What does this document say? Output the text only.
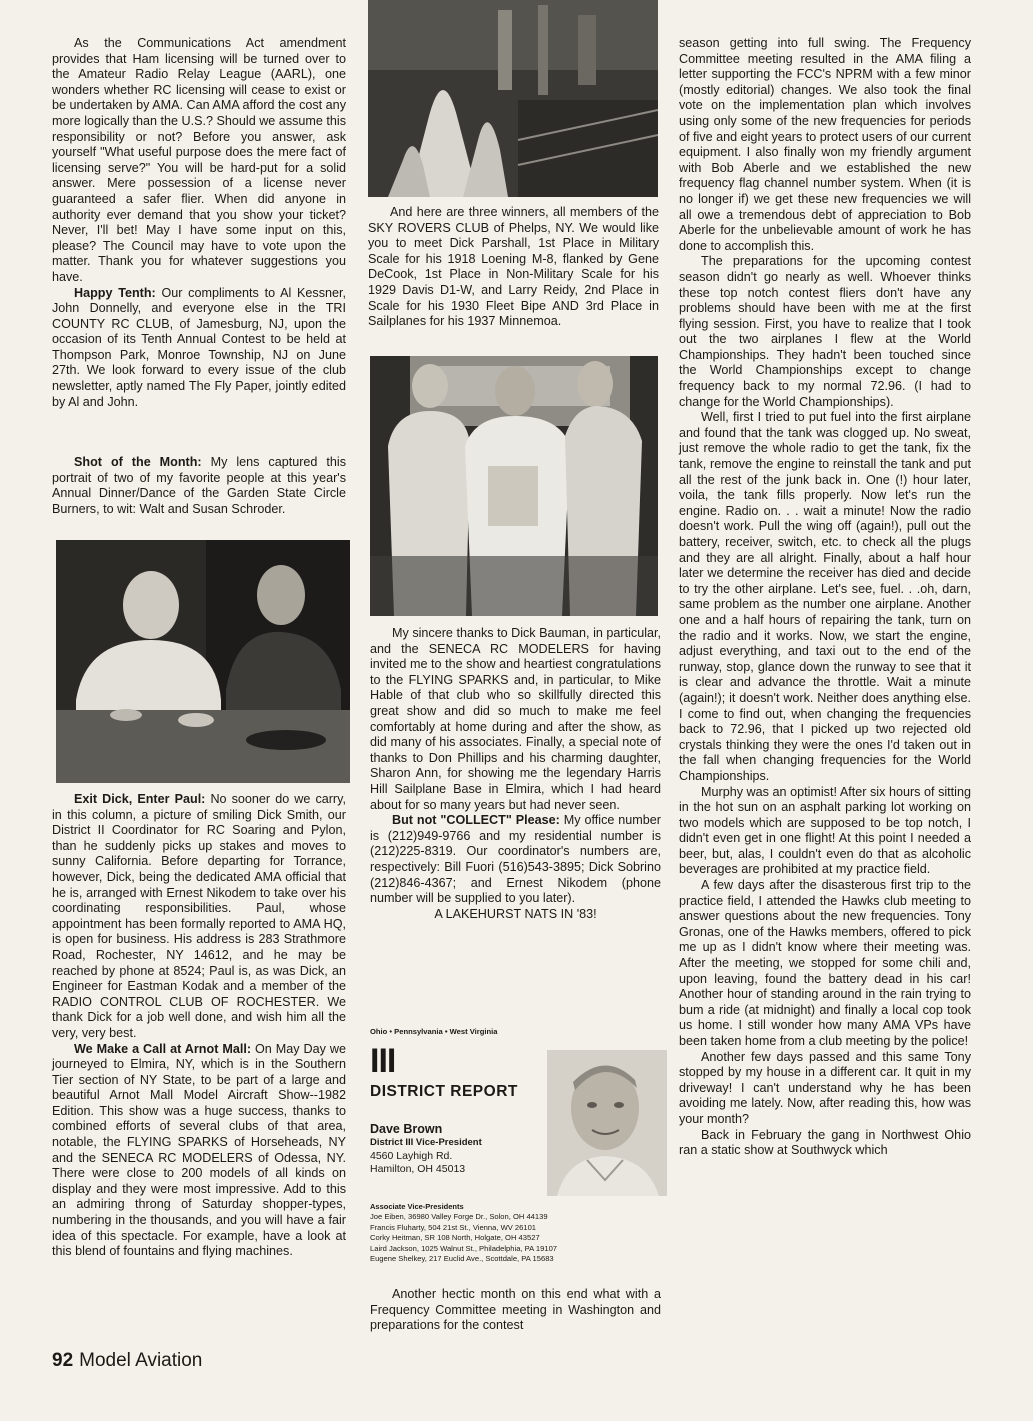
As the Communications Act amendment provides that Ham licensing will be turned over to the Amateur Radio Relay League (AARL), one wonders whether RC licensing will cease to exist or be undertaken by AMA. Can AMA afford the cost any more logically than the U.S.? Should we assume this responsibility or not? Before you answer, ask yourself "What useful purpose does the mere fact of licensing serve?" You will be hard-put for a solid answer. Mere possession of a license never guaranteed a safer flier. When did anyone in authority ever demand that you show your ticket? Never, I'll bet! May I have some input on this, please? The Council may have to vote upon the matter. Thank you for whatever suggestions you have.

Happy Tenth: Our compliments to Al Kessner, John Donnelly, and everyone else in the TRI COUNTY RC CLUB, of Jamesburg, NJ, upon the occasion of its Tenth Annual Contest to be held at Thompson Park, Monroe Township, NJ on June 27th. We look forward to every issue of the club newsletter, aptly named The Fly Paper, jointly edited by Al and John.

Shot of the Month: My lens captured this portrait of two of my favorite people at this year's Annual Dinner/Dance of the Garden State Circle Burners, to wit: Walt and Susan Schroder.

Exit Dick, Enter Paul: No sooner do we carry, in this column, a picture of smiling Dick Smith, our District II Coordinator for RC Soaring and Pylon, than he suddenly picks up stakes and moves to sunny California. Before departing for Torrance, however, Dick, being the dedicated AMA official that he is, arranged with Ernest Nikodem to take over his coordinating responsibilities. Paul, whose appointment has been formally reported to AMA HQ, is open for business. His address is 283 Strathmore Road, Rochester, NY 14612, and he may be reached by phone at 8524; Paul is, as was Dick, an Engineer for Eastman Kodak and a member of the RADIO CONTROL CLUB OF ROCHESTER. We thank Dick for a job well done, and wish him all the very, very best.

We Make a Call at Arnot Mall: On May Day we journeyed to Elmira, NY, which is in the Southern Tier section of NY State, to be part of a large and beautiful Arnot Mall Model Aircraft Show--1982 Edition. This show was a huge success, thanks to combined efforts of several clubs of that area, notable, the FLYING SPARKS of Horseheads, NY and the SENECA RC MODELERS of Odessa, NY. There were close to 200 models of all kinds on display and they were most impressive. Add to this an admiring throng of Saturday shopper-types, numbering in the thousands, and you will have a fair idea of this spectacle. For example, have a look at this blend of fountains and flying machines.

And here are three winners, all members of the SKY ROVERS CLUB of Phelps, NY. We would like you to meet Dick Parshall, 1st Place in Military Scale for his 1918 Loening M-8, flanked by Gene DeCook, 1st Place in Non-Military Scale for his 1929 Davis D1-W, and Larry Reidy, 2nd Place in Scale for his 1930 Fleet Bipe AND 3rd Place in Sailplanes for his 1937 Minnemoa.

My sincere thanks to Dick Bauman, in particular, and the SENECA RC MODELERS for having invited me to the show and heartiest congratulations to the FLYING SPARKS and, in particular, to Mike Hable of that club who so skillfully directed this great show and did so much to make me feel comfortably at home during and after the show, as did many of his associates. Finally, a special note of thanks to Don Phillips and his charming daughter, Sharon Ann, for showing me the legendary Harris Hill Sailplane Base in Elmira, which I had heard about for so many years but had never seen.

But not "COLLECT" Please: My office number is (212)949-9766 and my residential number is (212)225-8319. Our coordinator's numbers are, respectively: Bill Fuori (516)543-3895; Dick Sobrino (212)846-4367; and Ernest Nikodem (phone number will be supplied to you later).

A LAKEHURST NATS IN '83!

Ohio • Pennsylvania • West Virginia
III
DISTRICT REPORT
Dave Brown
District III Vice-President
4560 Layhigh Rd.
Hamilton, OH 45013
Associate Vice-Presidents
Joe Eiben, 36980 Valley Forge Dr., Solon, OH 44139
Francis Fluharty, 504 21st St., Vienna, WV 26101
Corky Heitman, SR 108 North, Holgate, OH 43527
Laird Jackson, 1025 Walnut St., Philadelphia, PA 19107
Eugene Shelkey, 217 Euclid Ave., Scottdale, PA 15683

Another hectic month on this end what with a Frequency Committee meeting in Washington and preparations for the contest

season getting into full swing. The Frequency Committee meeting resulted in the AMA filing a letter supporting the FCC's NPRM with a few minor (mostly editorial) changes. We also took the final vote on the implementation plan which involves using only some of the new frequencies for periods of five and eight years to protect users of our current equipment. I also finally won my friendly argument with Bob Aberle and we established the new frequency flag channel number system. When (it is no longer if) we get these new frequencies we will all owe a tremendous debt of appreciation to Bob Aberle for the unbelievable amount of work he has done to accomplish this.

The preparations for the upcoming contest season didn't go nearly as well. Whoever thinks these top notch contest fliers don't have any problems should have been with me at the first flying session. First, you have to realize that I took out the two airplanes I flew at the World Championships. They hadn't been touched since the World Championships except to change frequency back to my normal 72.96. (I had to change for the World Championships).

Well, first I tried to put fuel into the first airplane and found that the tank was clogged up. No sweat, just remove the whole radio to get the tank, fix the tank, remove the engine to reinstall the tank and put all the rest of the junk back in. One (!) hour later, voila, the tank fills properly. Now let's run the engine. Radio on. . . wait a minute! Now the radio doesn't work. Pull the wing off (again!), pull out the battery, receiver, switch, etc. to check all the plugs and they are all alright. Finally, about a half hour later we determine the receiver has died and decide to try the other airplane. Let's see, fuel. . .oh, darn, same problem as the number one airplane. Another one and a half hours of repairing the tank, turn on the radio and it works. Now, we start the engine, adjust everything, and taxi out to the end of the runway, stop, glance down the runway to see that it is clear and advance the throttle. Wait a minute (again!); it doesn't work. Neither does anything else. I come to find out, when changing the frequencies back to 72.96, that I picked up two rejected old crystals thinking they were the ones I'd taken out in the fall when changing frequencies for the World Championships.

Murphy was an optimist! After six hours of sitting in the hot sun on an asphalt parking lot working on two models which are supposed to be top notch, I didn't even get in one flight! At this point I needed a beer, but, alas, I couldn't even do that as alcoholic beverages are prohibited at my practice field.

A few days after the disasterous first trip to the practice field, I attended the Hawks club meeting to answer questions about the new frequencies. Tony Gronas, one of the Hawks members, offered to pick me up as I didn't know where their meeting was. After the meeting, we stopped for some chili and, upon leaving, found the battery dead in his car! Another hour of standing around in the rain trying to bum a ride (at midnight) and finally a local cop took us home. I still wonder how many AMA VPs have been taken home from a club meeting by the police!

Another few days passed and this same Tony stopped by my house in a different car. It quit in my driveway! I can't understand why he has been avoiding me lately. Now, after reading this, how was your month?

Back in February the gang in Northwest Ohio ran a static show at Southwyck which

92 Model Aviation
